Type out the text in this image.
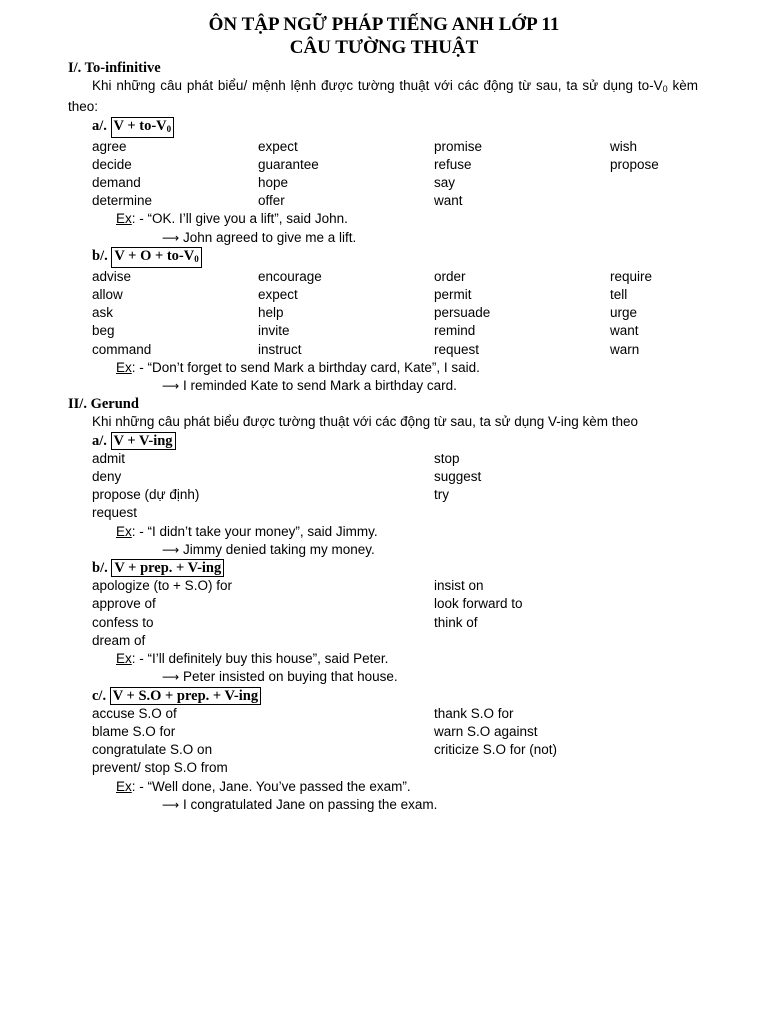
ÔN TẬP NGỮ PHÁP TIẾNG ANH LỚP 11
CÂU TƯỜNG THUẬT
I/. To-infinitive
Khi những câu phát biểu/ mệnh lệnh được tường thuật với các động từ sau, ta sử dụng $to-V_0$ kèm theo:
a/. $V + to-V_0$
agree	expect	promise	wish
decide	guarantee	refuse	propose
demand	hope	say
determine	offer	want
Ex: - “OK. I’ll give you a lift”, said John.
⟶ John agreed to give me a lift.
b/. $V + O + to-V_0$
advise	encourage	order	require
allow	expect	permit	tell
ask	help	persuade	urge
beg	invite	remind	want
command	instruct	request	warn
Ex: - “Don’t forget to send Mark a birthday card, Kate”, I said.
⟶ I reminded Kate to send Mark a birthday card.
II/. Gerund
Khi những câu phát biểu được tường thuật với các động từ sau, ta sử dụng V-ing kèm theo
a/. V + V-ing
admit	stop
deny	suggest
propose (dự định)	try
request
Ex: - “I didn’t take your money”, said Jimmy.
⟶ Jimmy denied taking my money.
b/. V + prep. + V-ing
apologize (to + S.O) for	insist on
approve of	look forward to
confess to	think of
dream of
Ex: - “I’ll definitely buy this house”, said Peter.
⟶ Peter insisted on buying that house.
c/. V + S.O + prep. + V-ing
accuse S.O of	thank S.O for
blame S.O for	warn S.O against
congratulate S.O on	criticize S.O for (not)
prevent/ stop S.O from
Ex: - “Well done, Jane. You’ve passed the exam”.
⟶ I congratulated Jane on passing the exam.
